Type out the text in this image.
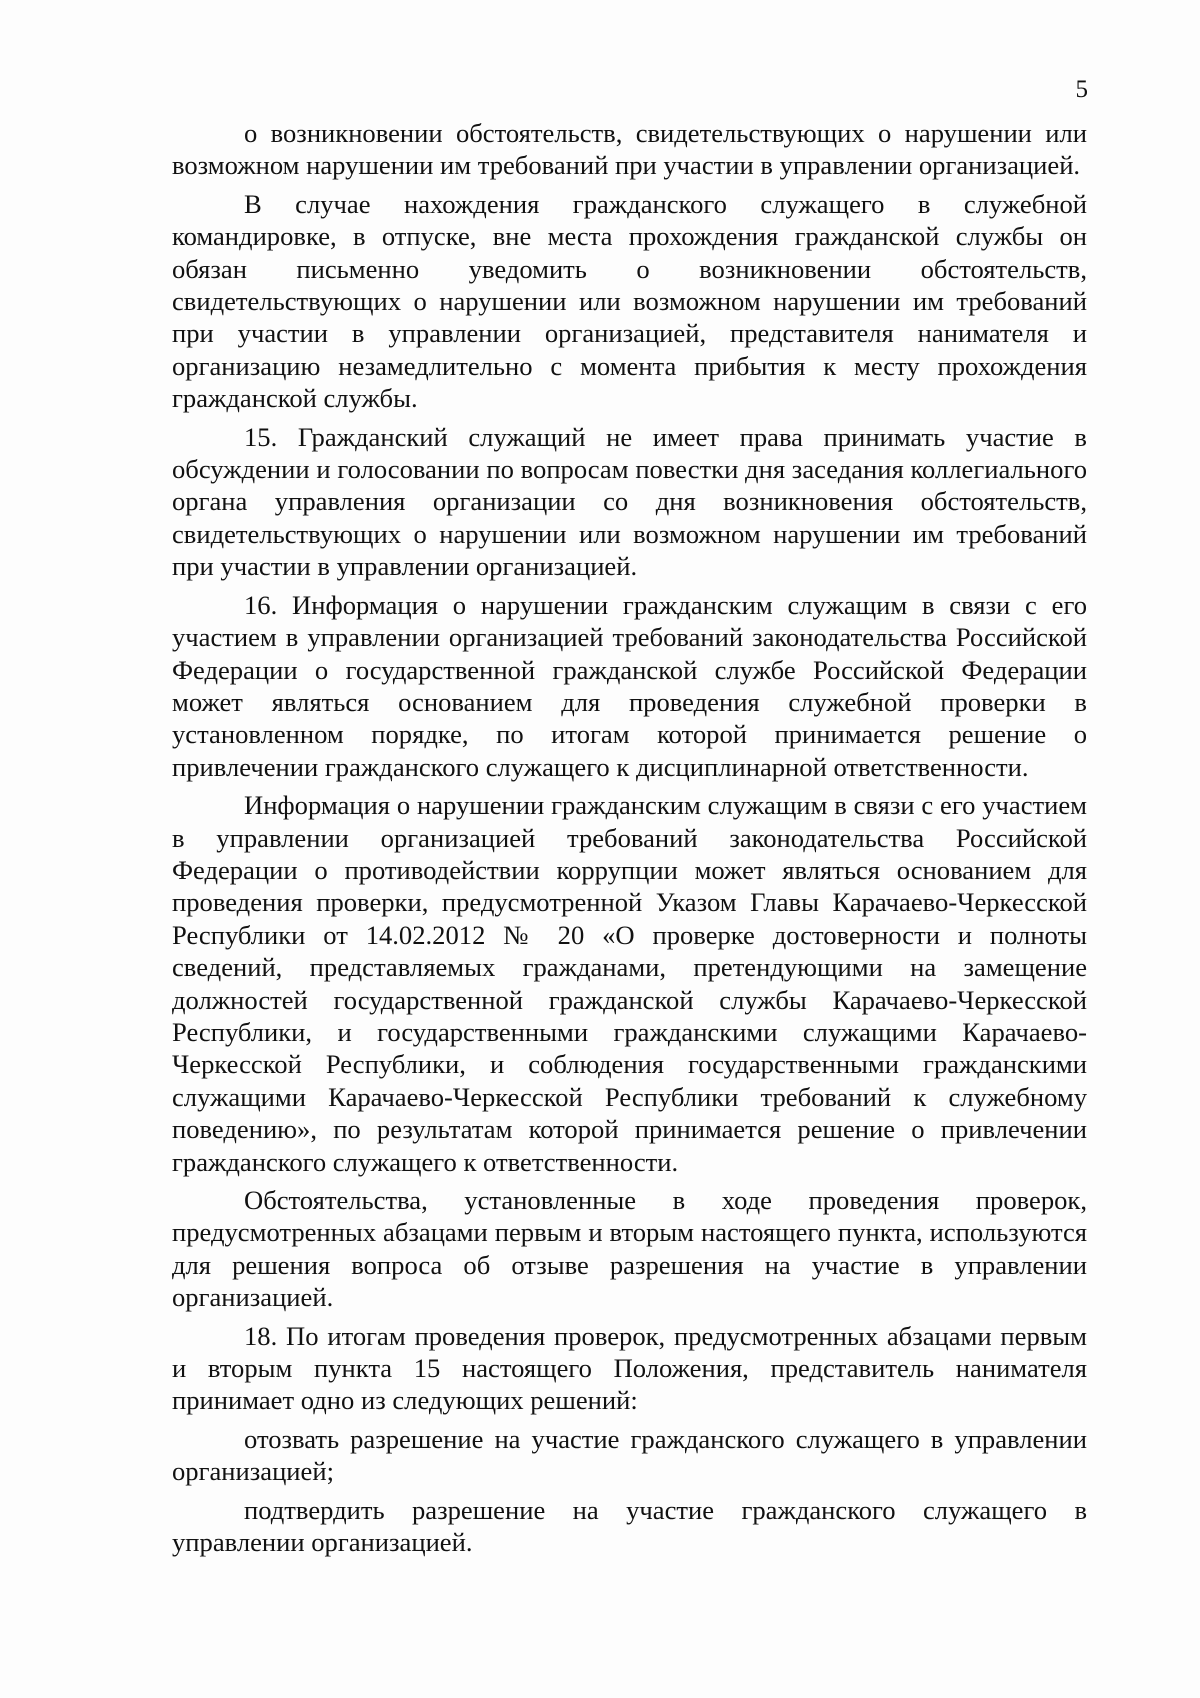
5

о возникновении обстоятельств, свидетельствующих о нарушении или возможном нарушении им требований при участии в управлении организацией.

В случае нахождения гражданского служащего в служебной командировке, в отпуске, вне места прохождения гражданской службы он обязан письменно уведомить о возникновении обстоятельств, свидетельствующих о нарушении или возможном нарушении им требований при участии в управлении организацией, представителя нанимателя и организацию незамедлительно с момента прибытия к месту прохождения гражданской службы.

15. Гражданский служащий не имеет права принимать участие в обсуждении и голосовании по вопросам повестки дня заседания коллегиального органа управления организации со дня возникновения обстоятельств, свидетельствующих о нарушении или возможном нарушении им требований при участии в управлении организацией.

16. Информация о нарушении гражданским служащим в связи с его участием в управлении организацией требований законодательства Российской Федерации о государственной гражданской службе Российской Федерации может являться основанием для проведения служебной проверки в установленном порядке, по итогам которой принимается решение о привлечении гражданского служащего к дисциплинарной ответственности.

Информация о нарушении гражданским служащим в связи с его участием в управлении организацией требований законодательства Российской Федерации о противодействии коррупции может являться основанием для проведения проверки, предусмотренной Указом Главы Карачаево-Черкесской Республики от 14.02.2012 № 20 «О проверке достоверности и полноты сведений, представляемых гражданами, претендующими на замещение должностей государственной гражданской службы Карачаево-Черкесской Республики, и государственными гражданскими служащими Карачаево-Черкесской Республики, и соблюдения государственными гражданскими служащими Карачаево-Черкесской Республики требований к служебному поведению», по результатам которой принимается решение о привлечении гражданского служащего к ответственности.

Обстоятельства, установленные в ходе проведения проверок, предусмотренных абзацами первым и вторым настоящего пункта, используются для решения вопроса об отзыве разрешения на участие в управлении организацией.

18. По итогам проведения проверок, предусмотренных абзацами первым и вторым пункта 15 настоящего Положения, представитель нанимателя принимает одно из следующих решений:

отозвать разрешение на участие гражданского служащего в управлении организацией;

подтвердить разрешение на участие гражданского служащего в управлении организацией.
